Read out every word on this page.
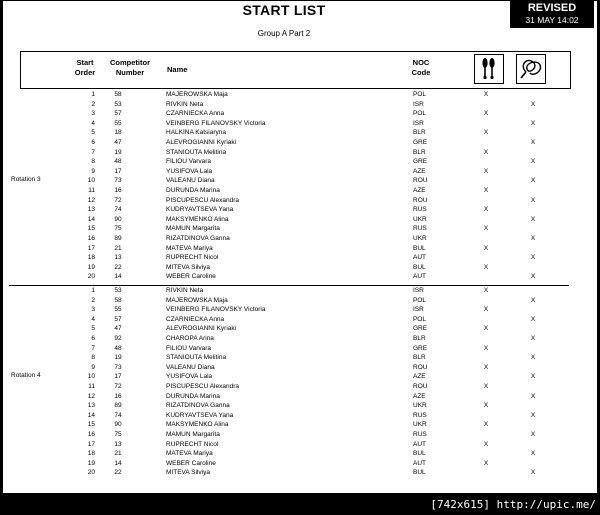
START LIST	REVISED
31 MAY 14:02
Group A Part 2
Start
Order
Competitor
Number	Name
NOC
Code
1	58	MAJEROWSKA Maja	POL	X
2	53	RIVKIN Neta	ISR	X
3	57	CZARNIECKA Anna	POL	X
4	55	VEINBERG FILANOVSKY Victoria	ISR	X
5	18	HALKINA Katsiaryna	BLR	X
6	47	ALEVROGIANNI Kyriaki	GRE	X
7	19	STANIOUTA Melitina	BLR	X
8	48	FILIOU Varvara	GRE	X
9	17	YUSIFOVA Lala	AZE	X
10	73	VALEANU Diana	ROU	X
11	16	DURUNDA Marina	AZE	X
12	72	PISCUPESCU Alexandra	ROU	X
13	74	KUDRYAVTSEVA Yana	RUS	X
14	90	MAKSYMENKO Alina	UKR	X
15	75	MAMUN Margarita	RUS	X
16	89	RIZATDINOVA Ganna	UKR	X
17	21	MATEVA Mariya	BUL	X
18	13	RUPRECHT Nicol	AUT	X
19	22	MITEVA Silviya	BUL	X
20	14	WEBER Caroline	AUT	X
Rotation 3
1	53	RIVKIN Neta	ISR	X
2	58	MAJEROWSKA Maja	POL	X
3	55	VEINBERG FILANOVSKY Victoria	ISR	X
4	57	CZARNIECKA Anna	POL	X
5	47	ALEVROGIANNI Kyriaki	GRE	X
6	92	CHAROPA Arina	BLR	X
7	48	FILIOU Varvara	GRE	X
8	19	STANIOUTA Melitina	BLR	X
9	73	VALEANU Diana	ROU	X
10	17	YUSIFOVA Lala	AZE	X
11	72	PISCUPESCU Alexandra	ROU	X
12	16	DURUNDA Marina	AZE	X
13	89	RIZATDINOVA Ganna	UKR	X
14	74	KUDRYAVTSEVA Yana	RUS	X
15	90	MAKSYMENKO Alina	UKR	X
16	75	MAMUN Margarita	RUS	X
17	13	RUPRECHT Nicol	AUT	X
18	21	MATEVA Mariya	BUL	X
19	14	WEBER Caroline	AUT	X
20	22	MITEVA Silviya	BUL	X
Rotation 4
[742x615] http://upic.me/
